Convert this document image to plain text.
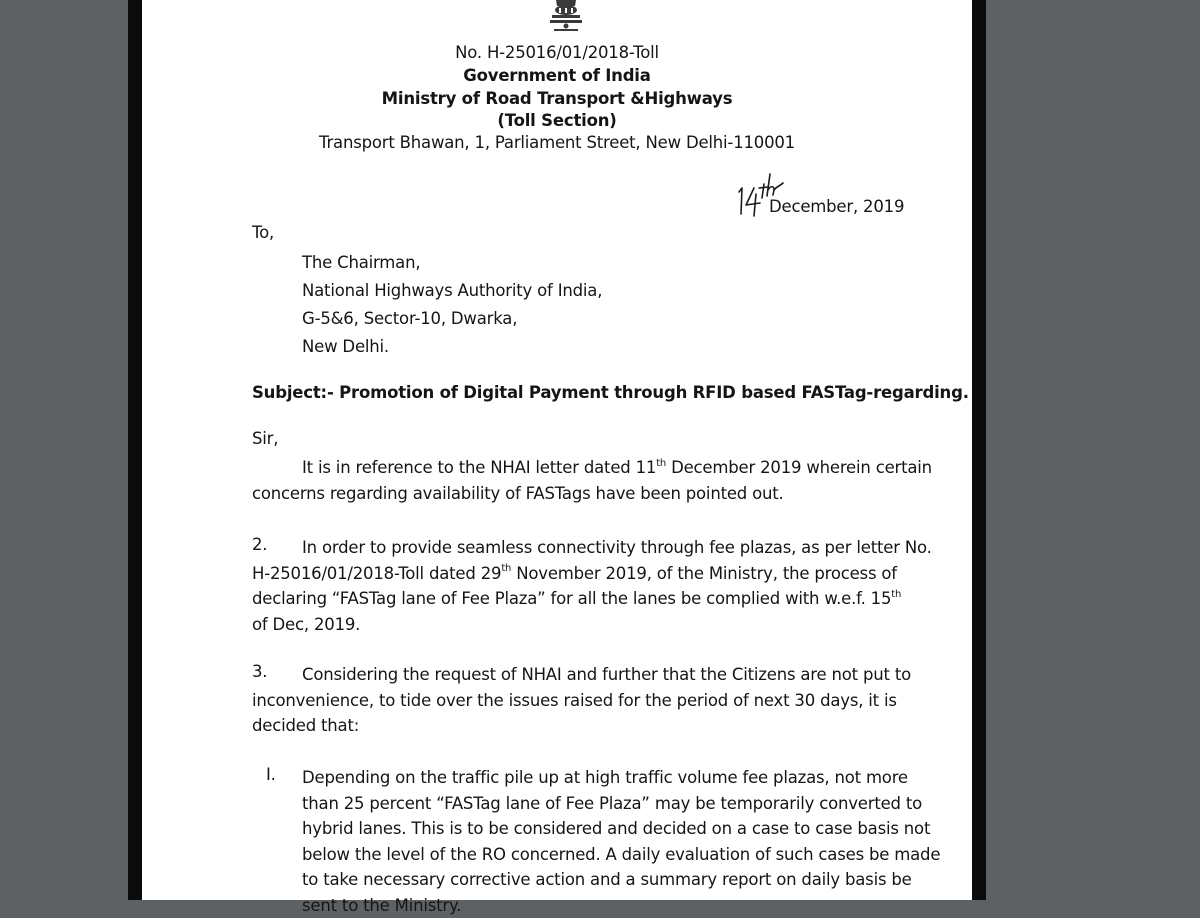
No. H-25016/01/2018-Toll
Government of India
Ministry of Road Transport &Highways
(Toll Section)
Transport Bhawan, 1, Parliament Street, New Delhi-110001
December, 2019
To,
The Chairman,
National Highways Authority of India,
G-5&6, Sector-10, Dwarka,
New Delhi.
Subject:- Promotion of Digital Payment through RFID based FASTag-regarding.
Sir,
It is in reference to the NHAI letter dated 11th December 2019 wherein certain
concerns regarding availability of FASTags have been pointed out.
2.	In order to provide seamless connectivity through fee plazas, as per letter No.
H-25016/01/2018-Toll dated 29th November 2019, of the Ministry, the process of
declaring “FASTag lane of Fee Plaza” for all the lanes be complied with w.e.f. 15th
of Dec, 2019.
3.	Considering the request of NHAI and further that the Citizens are not put to
inconvenience, to tide over the issues raised for the period of next 30 days, it is
decided that:
I. Depending on the traffic pile up at high traffic volume fee plazas, not more
than 25 percent “FASTag lane of Fee Plaza” may be temporarily converted to
hybrid lanes. This is to be considered and decided on a case to case basis not
below the level of the RO concerned. A daily evaluation of such cases be made
to take necessary corrective action and a summary report on daily basis be
sent to the Ministry.
